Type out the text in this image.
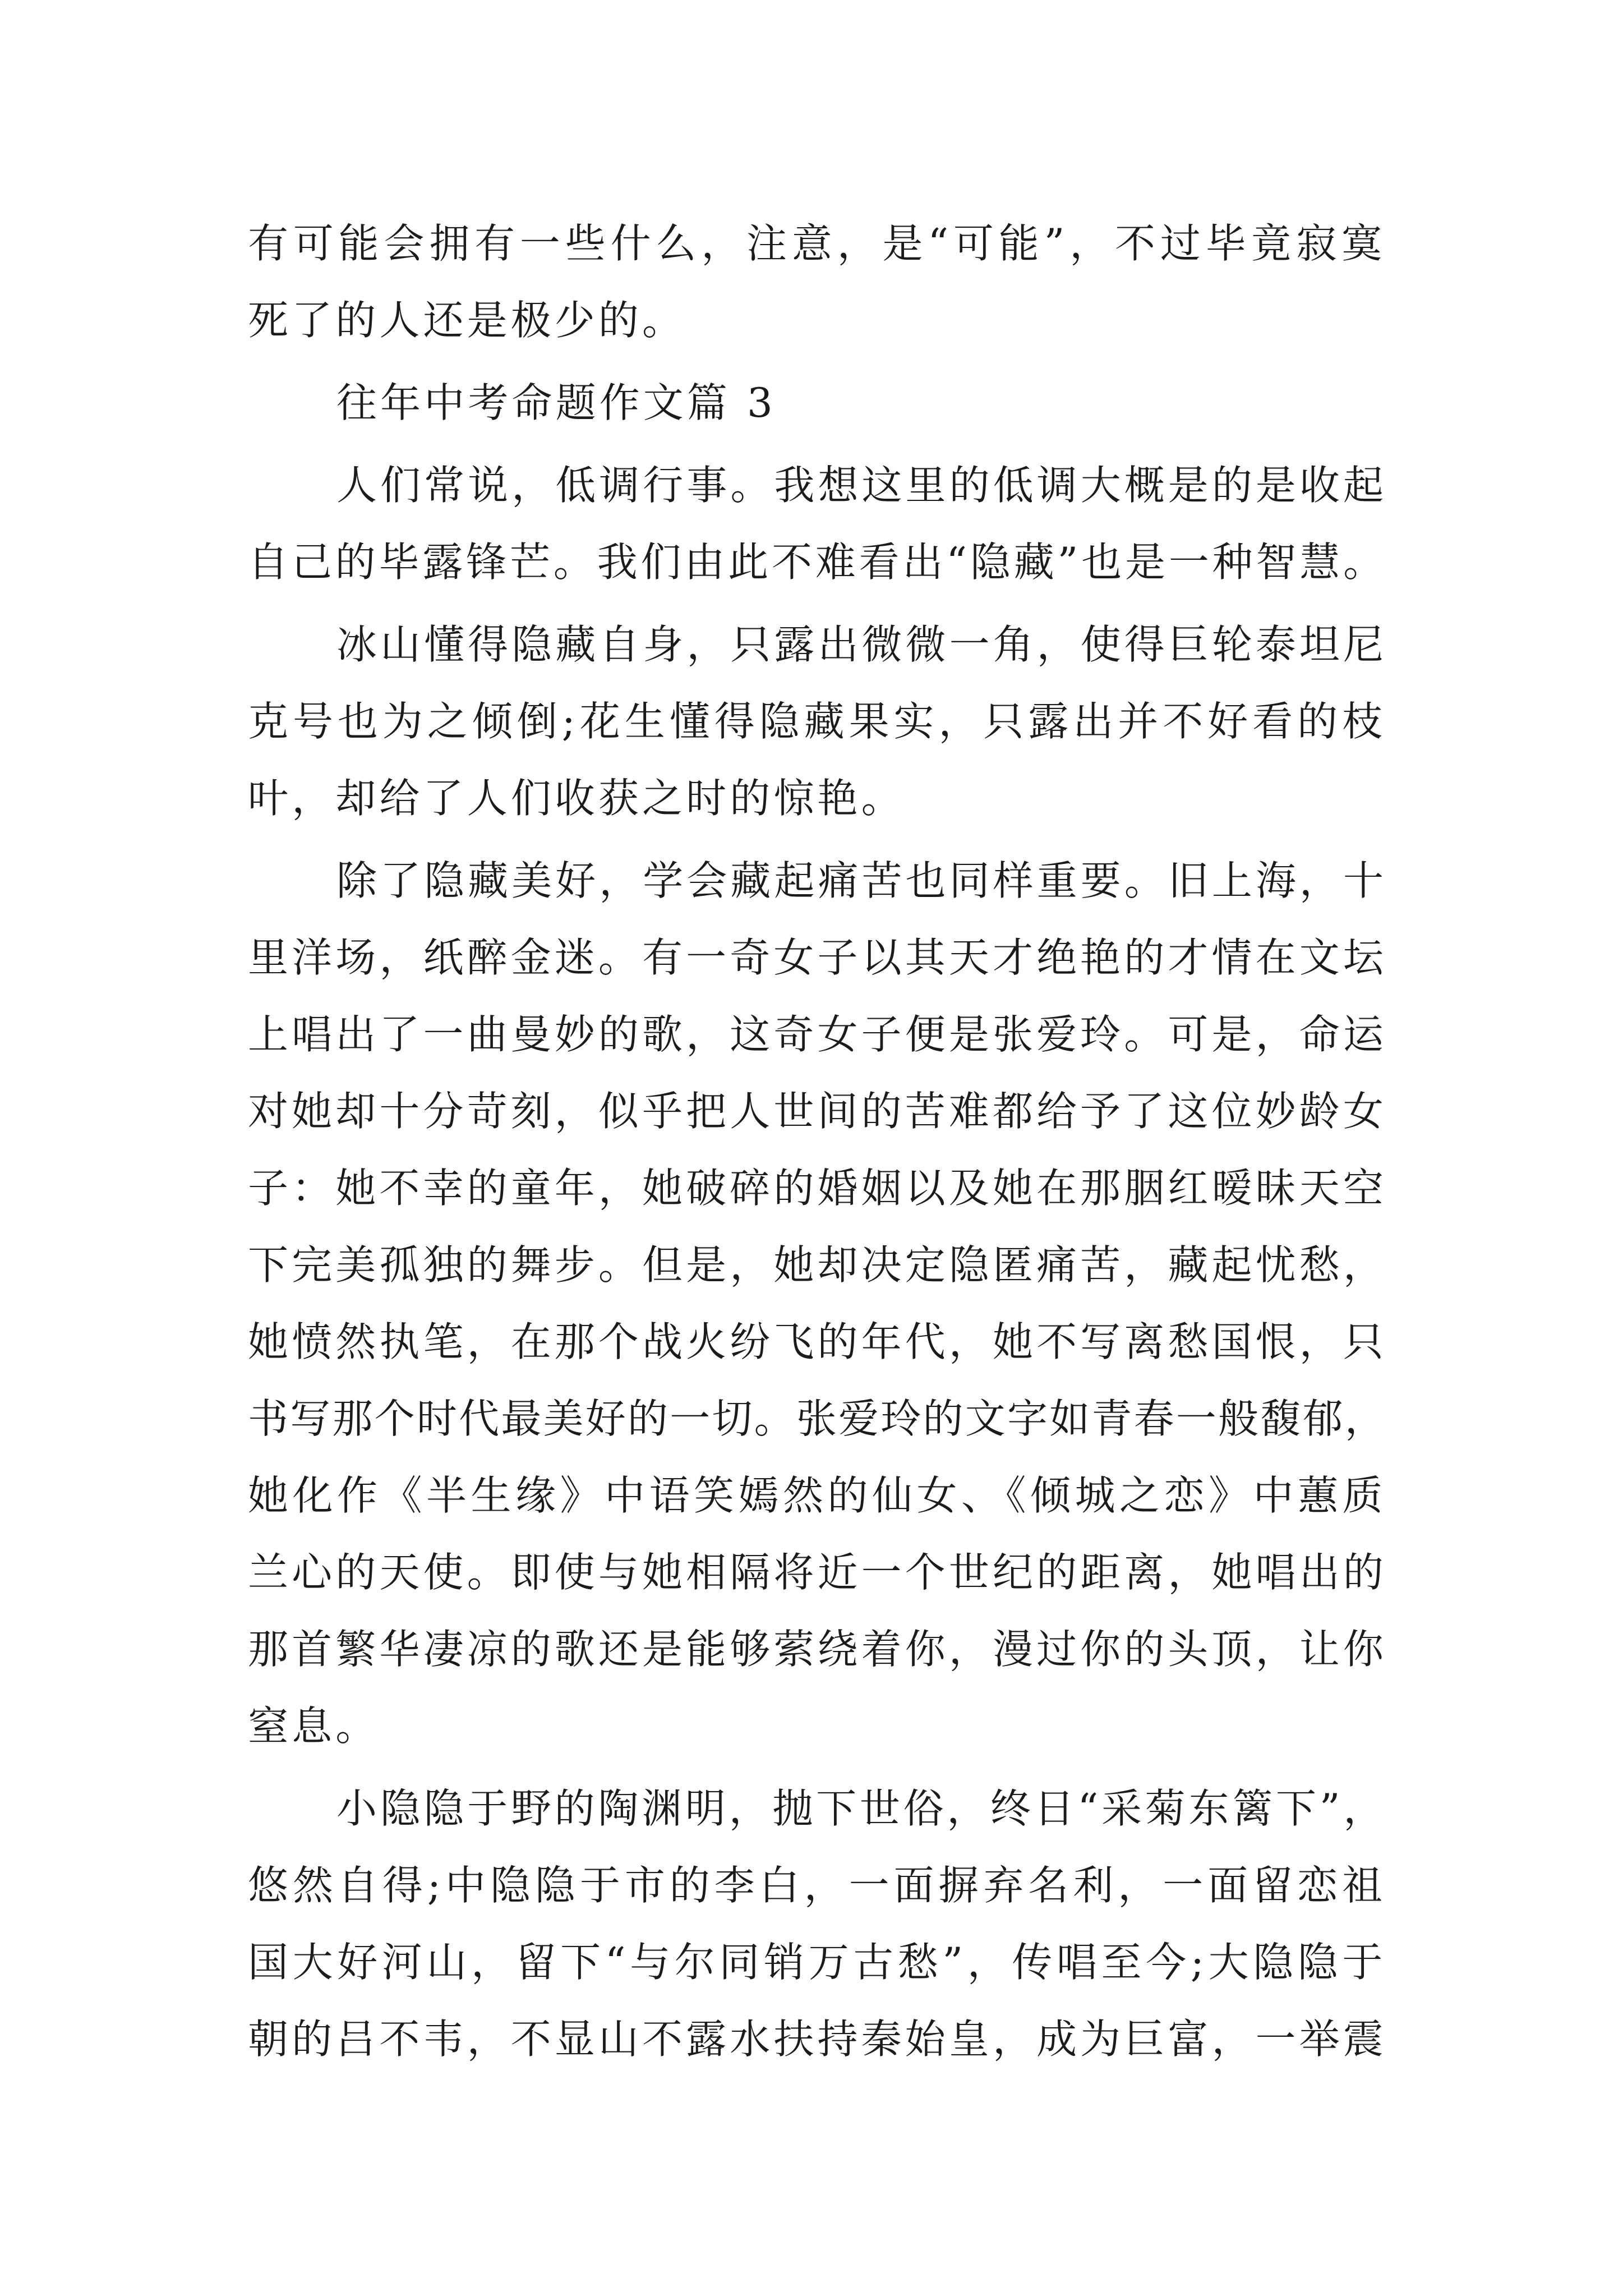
有可能会拥有一些什么，注意，是“可能”，不过毕竟寂寞
死了的人还是极少的。
往年中考命题作文篇 3
人们常说，低调行事。我想这里的低调大概是的是收起
自己的毕露锋芒。我们由此不难看出“隐藏”也是一种智慧。
冰山懂得隐藏自身，只露出微微一角，使得巨轮泰坦尼
克号也为之倾倒;花生懂得隐藏果实，只露出并不好看的枝
叶，却给了人们收获之时的惊艳。
除了隐藏美好，学会藏起痛苦也同样重要。旧上海，十
里洋场，纸醉金迷。有一奇女子以其天才绝艳的才情在文坛
上唱出了一曲曼妙的歌，这奇女子便是张爱玲。可是，命运
对她却十分苛刻，似乎把人世间的苦难都给予了这位妙龄女
子：她不幸的童年，她破碎的婚姻以及她在那胭红暧昧天空
下完美孤独的舞步。但是，她却决定隐匿痛苦，藏起忧愁，
她愤然执笔，在那个战火纷飞的年代，她不写离愁国恨，只
书写那个时代最美好的一切。张爱玲的文字如青春一般馥郁，
她化作《半生缘》中语笑嫣然的仙女、《倾城之恋》中蕙质
兰心的天使。即使与她相隔将近一个世纪的距离，她唱出的
那首繁华凄凉的歌还是能够萦绕着你，漫过你的头顶，让你
窒息。
小隐隐于野的陶渊明，抛下世俗，终日“采菊东篱下”，
悠然自得;中隐隐于市的李白，一面摒弃名利，一面留恋祖
国大好河山，留下“与尔同销万古愁”，传唱至今;大隐隐于
朝的吕不韦，不显山不露水扶持秦始皇，成为巨富，一举震
